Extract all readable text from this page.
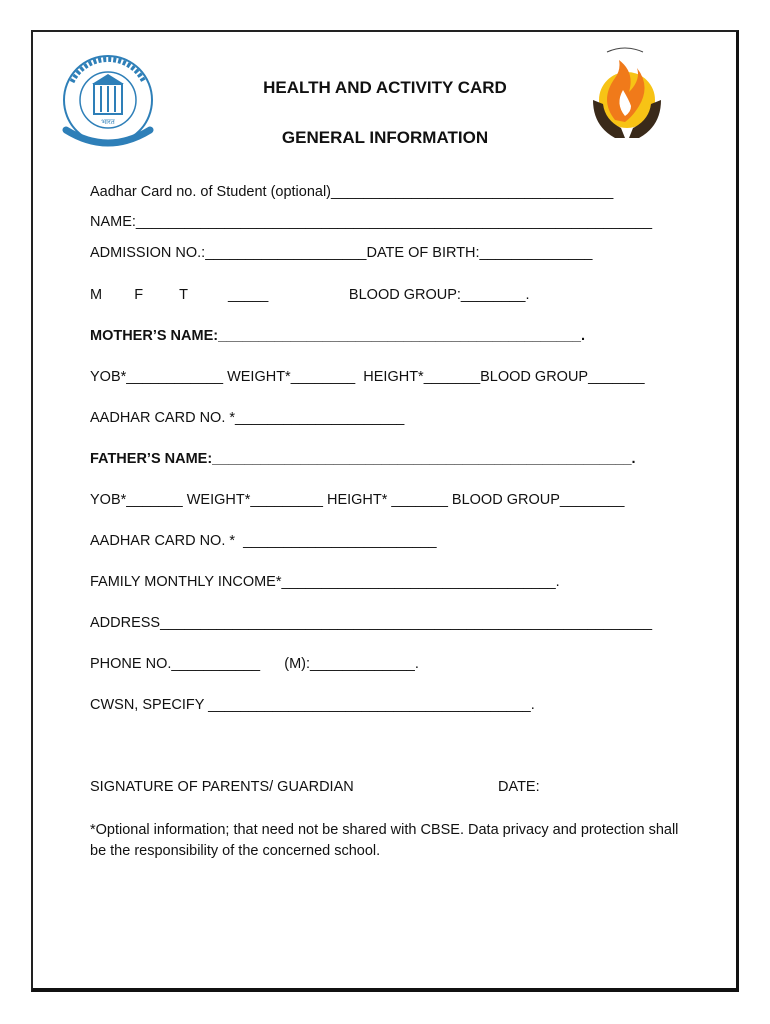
भारत
HEALTH AND ACTIVITY CARD
GENERAL INFORMATION
Aadhar Card no. of Student (optional)___________________________________
NAME:________________________________________________________________
ADMISSION NO.:____________________DATE OF BIRTH:______________
M        F         T          _____                    BLOOD GROUP:________.
MOTHER’S NAME:_____________________________________________.
YOB*____________ WEIGHT*________  HEIGHT*_______BLOOD GROUP_______
AADHAR CARD NO. *_____________________
FATHER’S NAME:____________________________________________________.
YOB*_______ WEIGHT*_________ HEIGHT* _______ BLOOD GROUP________
AADHAR CARD NO. *  ________________________
FAMILY MONTHLY INCOME*__________________________________.
ADDRESS_____________________________________________________________
PHONE NO.___________      (M):_____________.
CWSN, SPECIFY ________________________________________.
SIGNATURE OF PARENTS/ GUARDIAN	DATE:
*Optional information; that need not be shared with CBSE. Data privacy and protection shall be the responsibility of the concerned school.
